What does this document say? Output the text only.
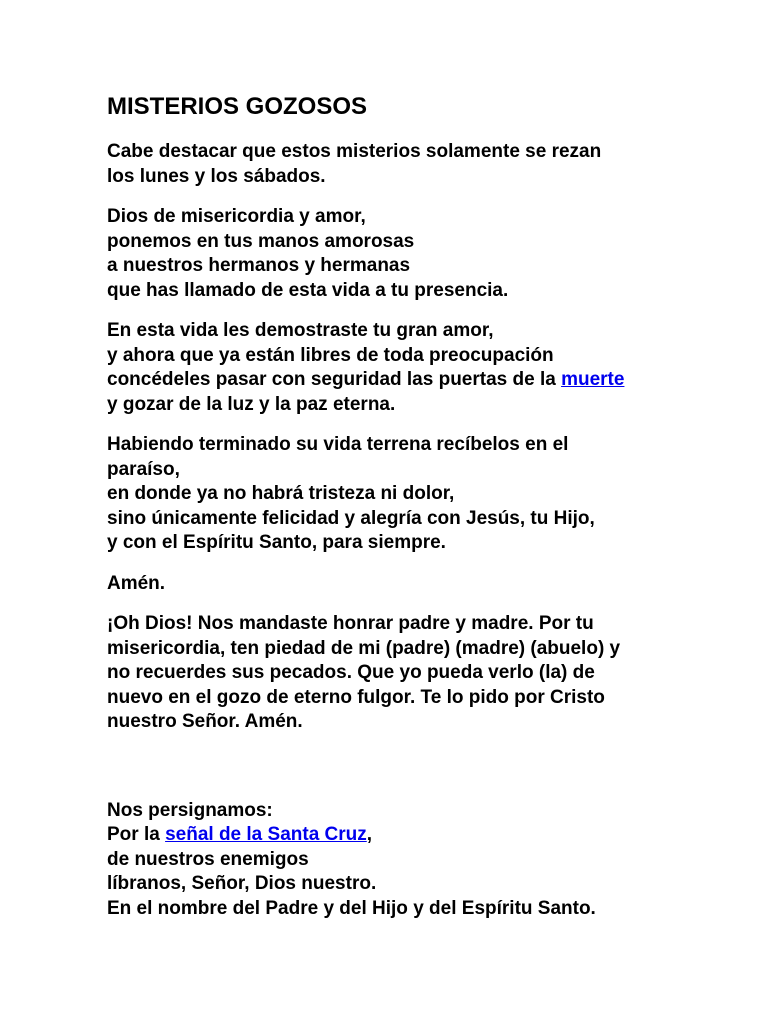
MISTERIOS GOZOSOS
Cabe destacar que estos misterios solamente se rezan
los lunes y los sábados.
Dios de misericordia y amor,
ponemos en tus manos amorosas
a nuestros hermanos y hermanas
que has llamado de esta vida a tu presencia.
En esta vida les demostraste tu gran amor,
y ahora que ya están libres de toda preocupación
concédeles pasar con seguridad las puertas de la muerte
y gozar de la luz y la paz eterna.
Habiendo terminado su vida terrena recíbelos en el
paraíso,
en donde ya no habrá tristeza ni dolor,
sino únicamente felicidad y alegría con Jesús, tu Hijo,
y con el Espíritu Santo, para siempre.
Amén.
¡Oh Dios! Nos mandaste honrar padre y madre. Por tu
misericordia, ten piedad de mi (padre) (madre) (abuelo) y
no recuerdes sus pecados. Que yo pueda verlo (la) de
nuevo en el gozo de eterno fulgor. Te lo pido por Cristo
nuestro Señor. Amén.
Nos persignamos:
Por la señal de la Santa Cruz,
de nuestros enemigos
líbranos, Señor, Dios nuestro.
En el nombre del Padre y del Hijo y del Espíritu Santo.
